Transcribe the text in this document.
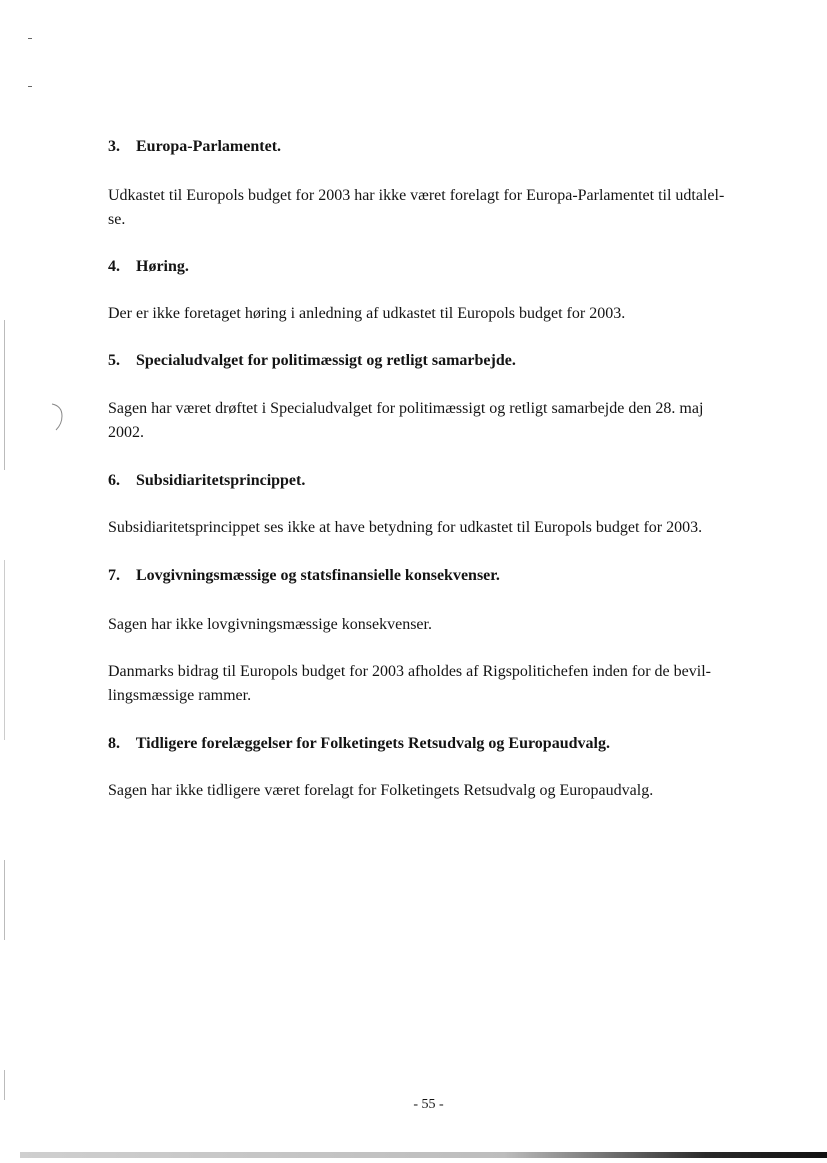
3. Europa-Parlamentet.

Udkastet til Europols budget for 2003 har ikke været forelagt for Europa-Parlamentet til udtalel-
se.

4. Høring.

Der er ikke foretaget høring i anledning af udkastet til Europols budget for 2003.

5. Specialudvalget for politimæssigt og retligt samarbejde.

Sagen har været drøftet i Specialudvalget for politimæssigt og retligt samarbejde den 28. maj
2002.

6. Subsidiaritetsprincippet.

Subsidiaritetsprincippet ses ikke at have betydning for udkastet til Europols budget for 2003.

7. Lovgivningsmæssige og statsfinansielle konsekvenser.

Sagen har ikke lovgivningsmæssige konsekvenser.

Danmarks bidrag til Europols budget for 2003 afholdes af Rigspolitichefen inden for de bevil-
lingsmæssige rammer.

8. Tidligere forelæggelser for Folketingets Retsudvalg og Europaudvalg.

Sagen har ikke tidligere været forelagt for Folketingets Retsudvalg og Europaudvalg.

- 55 -
